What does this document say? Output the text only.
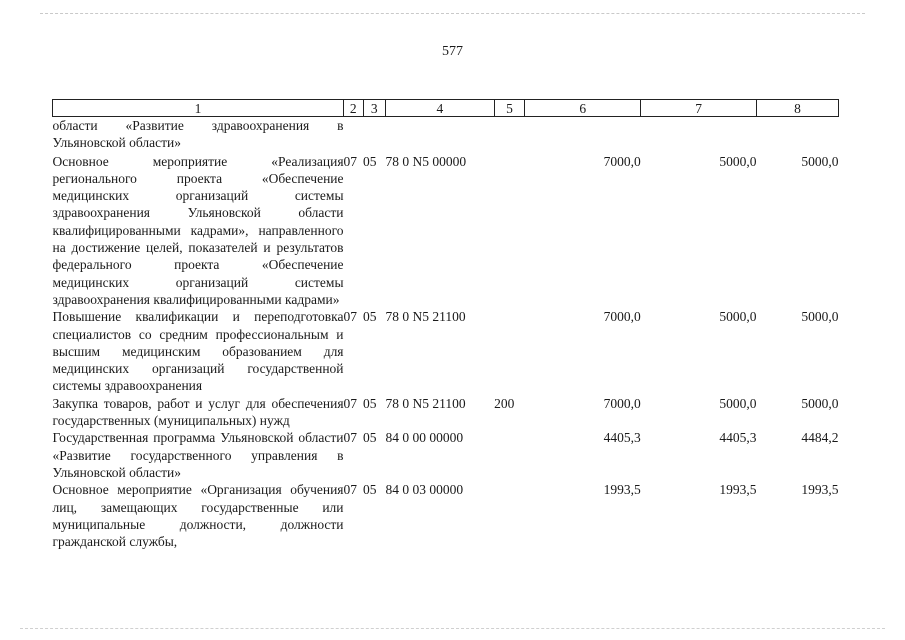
577
1	2	3	4	5	6	7	8
области «Развитие здравоохранения в Ульяновской области»							
Основное мероприятие «Реализация регионального проекта «Обеспечение медицинских организаций системы здравоохранения Ульяновской области квалифицированными кадрами», направленного на достижение целей, показателей и результатов федерального проекта «Обеспечение медицинских организаций системы здравоохранения квалифицированными кадрами»	07	05	78 0 N5 00000		7000,0	5000,0	5000,0
Повышение квалификации и переподготовка специалистов со средним профессиональным и высшим медицинским образованием для медицинских организаций государственной системы здравоохранения	07	05	78 0 N5 21100		7000,0	5000,0	5000,0
Закупка товаров, работ и услуг для обеспечения государственных (муниципальных) нужд	07	05	78 0 N5 21100	200	7000,0	5000,0	5000,0
Государственная программа Ульяновской области «Развитие государственного управления в Ульяновской области»	07	05	84 0 00 00000		4405,3	4405,3	4484,2
Основное мероприятие «Организация обучения лиц, замещающих государственные или муниципальные должности, должности гражданской службы,	07	05	84 0 03 00000		1993,5	1993,5	1993,5
